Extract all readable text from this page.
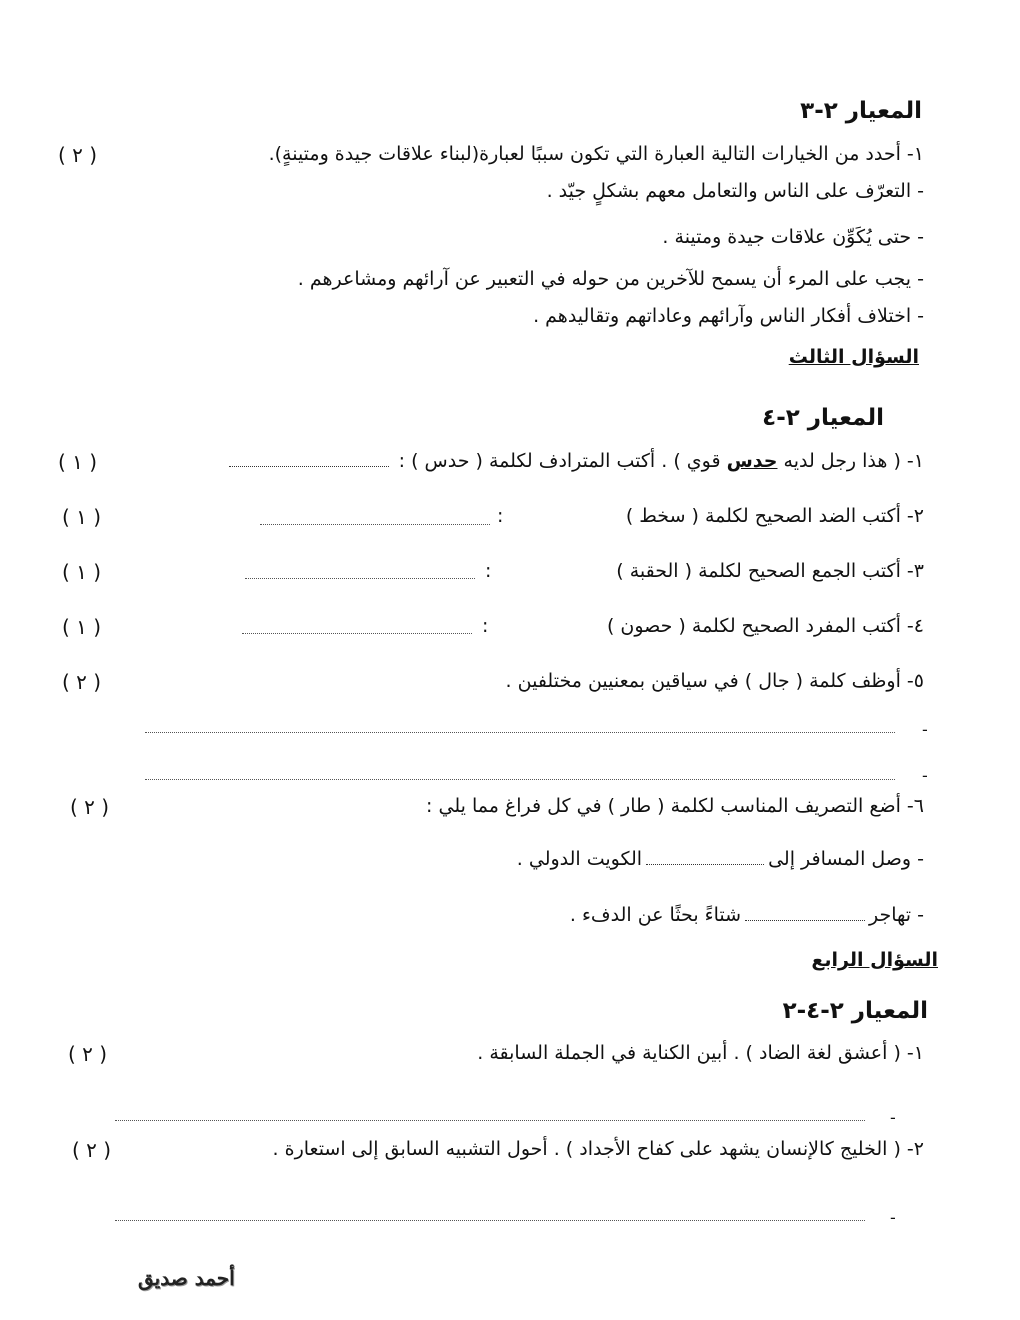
المعيار ٢-٣
١- أحدد من الخيارات التالية العبارة التي تكون سببًا لعبارة(لبناء علاقات جيدة ومتينةٍ).
( ٢ )
- التعرّف على الناس والتعامل معهم بشكلٍ جيّد .
- حتى يُكَوِّن علاقات جيدة ومتينة .
- يجب على المرء أن يسمح للآخرين من حوله في التعبير عن آرائهم ومشاعرهم .
- اختلاف أفكار الناس وآرائهم وعاداتهم وتقاليدهم .
السؤال الثالث
المعيار ٢-٤
١- ( هذا رجل لديه حدس قوي ) . أكتب المترادف لكلمة ( حدس ) :
( ١ )
٢- أكتب الضد الصحيح لكلمة ( سخط )
:
( ١ )
٣- أكتب الجمع الصحيح لكلمة ( الحقبة )
:
( ١ )
٤- أكتب المفرد الصحيح لكلمة ( حصون )
:
( ١ )
٥- أوظف كلمة ( جال ) في سياقين بمعنيين مختلفين .
( ٢ )
-
-
٦- أضع التصريف المناسب لكلمة ( طار ) في كل فراغ مما يلي :
( ٢ )
- وصل المسافر إلىالكويت الدولي .
- تهاجرشتاءً بحثًا عن الدفء .
السؤال الرابع
المعيار ٢-٤-٢
١- ( أعشق لغة الضاد ) . أبين الكناية في الجملة السابقة .
( ٢ )
-
٢- ( الخليج كالإنسان يشهد على كفاح الأجداد ) . أحول التشبيه السابق إلى استعارة .
( ٢ )
-
أحمد صديق
